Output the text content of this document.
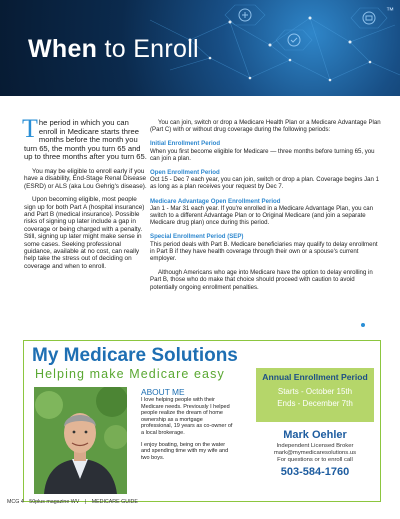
When to Enroll
™

The period in which you can enroll in Medicare starts three months before the month you turn 65, the month you turn 65 and up to three months after you turn 65.

You may be eligible to enroll early if you have a disability, End-Stage Renal Disease (ESRD) or ALS (aka Lou Gehrig's disease).

Upon becoming eligible, most people sign up for both Part A (hospital insurance) and Part B (medical insurance). Possible risks of signing up later include a gap in coverage or being charged with a penalty. Still, signing up later might make sense in some cases. Seeking professional guidance, available at no cost, can really help take the stress out of deciding on coverage and when to enroll.

You can join, switch or drop a Medicare Health Plan or a Medicare Advantage Plan (Part C) with or without drug coverage during the following periods:

Initial Enrollment Period

When you first become eligible for Medicare — three months before turning 65, you can join a plan.

Open Enrollment Period

Oct 15 - Dec 7 each year, you can join, switch or drop a plan. Coverage begins Jan 1 as long as a plan receives your request by Dec 7.

Medicare Advantage Open Enrollment Period

Jan 1 - Mar 31 each year. If you're enrolled in a Medicare Advantage Plan, you can switch to a different Advantage Plan or to Original Medicare (and join a separate Medicare drug plan) once during this period.

Special Enrollment Period (SEP)

This period deals with Part B. Medicare beneficiaries may qualify to delay enrollment in Part B if they have health coverage through their own or a spouse's current employer.

Although Americans who age into Medicare have the option to delay enrolling in Part B, those who do make that choice should proceed with caution to avoid potentially ongoing enrollment penalties.

My Medicare Solutions
Helping make Medicare easy
ABOUT ME

I love helping people with their Medicare needs. Previously I helped people realize the dream of home ownership as a mortgage professional, 19 years as co-owner of a local brokerage.

I enjoy boating, being on the water and spending time with my wife and two boys.

Annual Enrollment Period
Starts - October 15th
Ends - December 7th
Mark Oehler
Independent Licensed Broker
mark@mymedicaresolutions.us
For questions or to enroll call
503-584-1760
MCG 4 50plus magazine WV | MEDICARE GUIDE
